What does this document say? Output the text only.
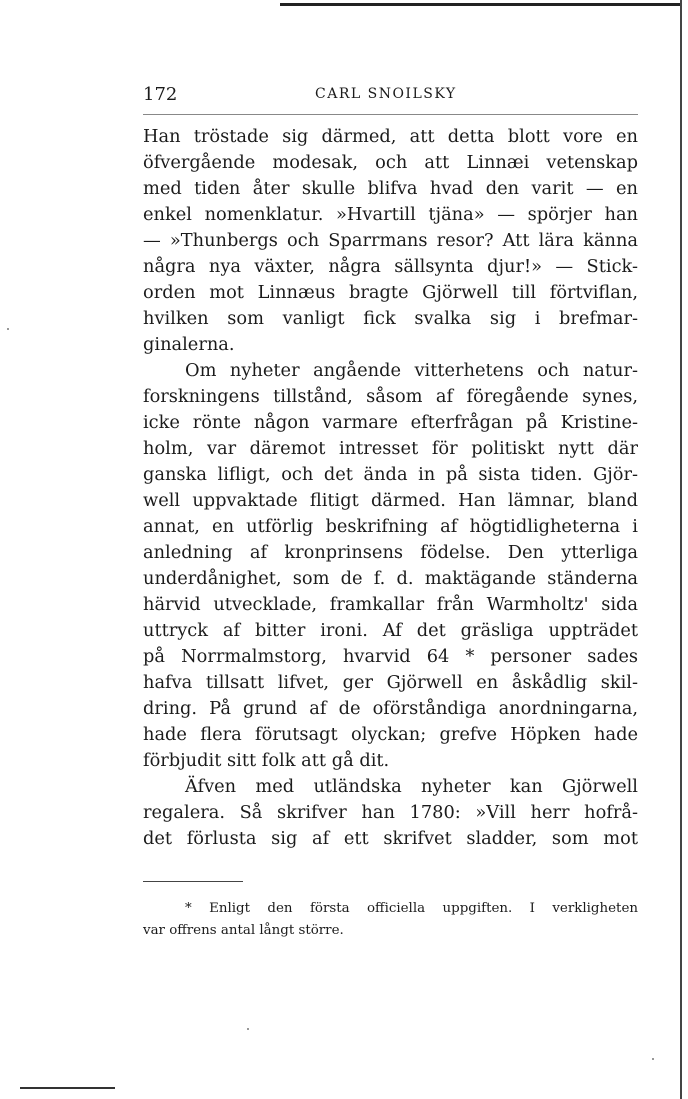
172	CARL SNOILSKY
Han tröstade sig därmed, att detta blott vore en
öfvergående modesak, och att Linnæi vetenskap
med tiden åter skulle blifva hvad den varit — en
enkel nomenklatur. »Hvartill tjäna» — spörjer han
— »Thunbergs och Sparrmans resor? Att lära känna
några nya växter, några sällsynta djur!» — Stick-
orden mot Linnæus bragte Gjörwell till förtviflan,
hvilken som vanligt fick svalka sig i brefmar-
ginalerna.
Om nyheter angående vitterhetens och natur-
forskningens tillstånd, såsom af föregående synes,
icke rönte någon varmare efterfrågan på Kristine-
holm, var däremot intresset för politiskt nytt där
ganska lifligt, och det ända in på sista tiden. Gjör-
well uppvaktade flitigt därmed. Han lämnar, bland
annat, en utförlig beskrifning af högtidligheterna i
anledning af kronprinsens födelse. Den ytterliga
underdånighet, som de f. d. maktägande ständerna
härvid utvecklade, framkallar från Warmholtz' sida
uttryck af bitter ironi. Af det gräsliga uppträdet
på Norrmalmstorg, hvarvid 64 * personer sades
hafva tillsatt lifvet, ger Gjörwell en åskådlig skil-
dring. På grund af de oförståndiga anordningarna,
hade flera förutsagt olyckan; grefve Höpken hade
förbjudit sitt folk att gå dit.
Äfven med utländska nyheter kan Gjörwell
regalera. Så skrifver han 1780: »Vill herr hofrå-
det förlusta sig af ett skrifvet sladder, som mot
* Enligt den första officiella uppgiften. I verkligheten
var offrens antal långt större.
